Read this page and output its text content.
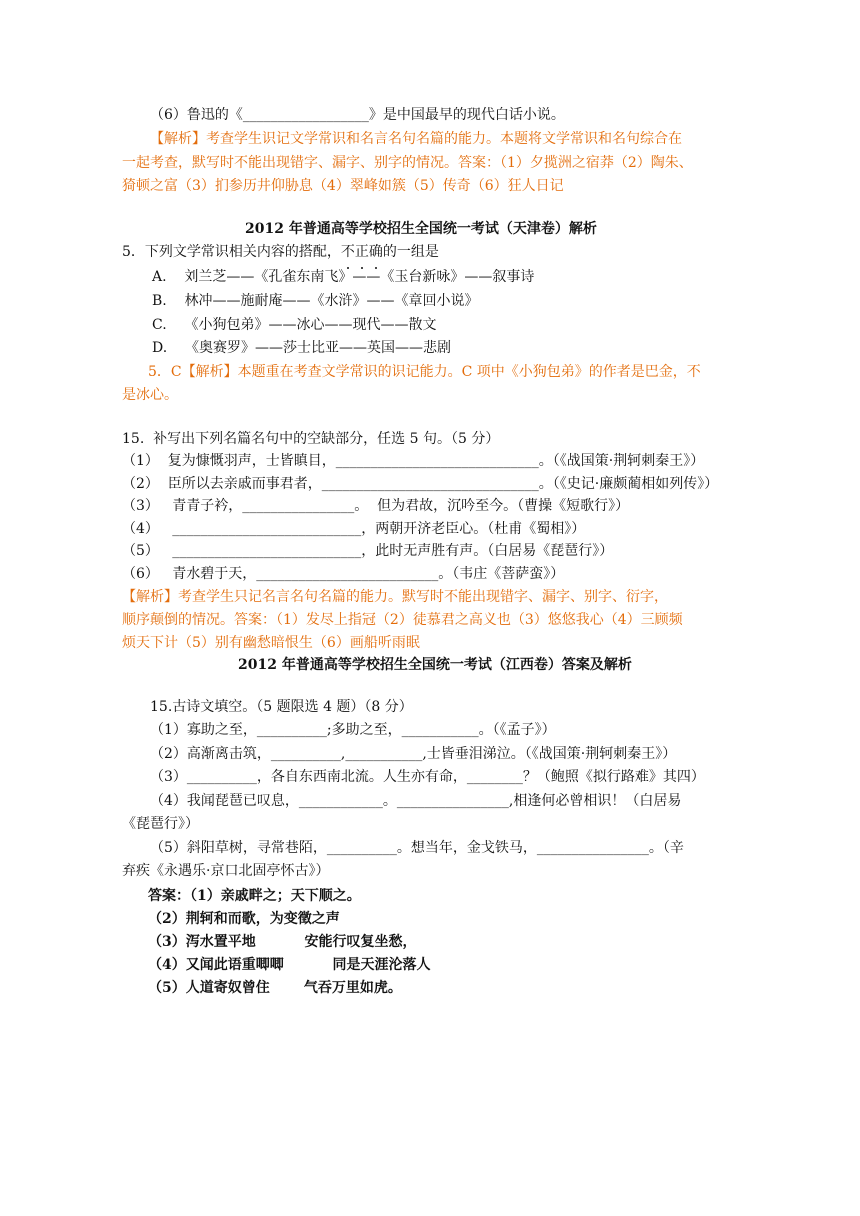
（6）鲁迅的《__________________》是中国最早的现代白话小说。
【解析】考查学生识记文学常识和名言名句名篇的能力。本题将文学常识和名句综合在
一起考查，默写时不能出现错字、漏字、别字的情况。答案：（1）夕揽洲之宿莽（2）陶朱、
猗顿之富（3）扪参历井仰胁息（4）翠峰如簇（5）传奇（6）狂人日记
2012 年普通高等学校招生全国统一考试（天津卷）解析
5．下列文学常识相关内容的搭配，不正确
的一组是
A.    刘兰芝——《孔雀东南飞》——《玉台新咏》——叙事诗
B.    林冲——施耐庵——《水浒》——《章回小说》
C.    《小狗包弟》——冰心——现代——散文
D.    《奥赛罗》——莎士比亚——英国——悲剧
5．C【解析】本题重在考查文学常识的识记能力。C 项中《小狗包弟》的作者是巴金，不
是冰心。
15.  补写出下列名篇名句中的空缺部分，任选 5 句。（5 分）
（1）  复为慷慨羽声，士皆瞋目，_____________________________。（《战国策·荆轲刺秦王》）
（2）  臣所以去亲戚而事君者，_______________________________。（《史记·廉颇蔺相如列传》）
（3）   青青子衿，________________。  但为君故，沉吟至今。（曹操《短歌行》）
（4）   ___________________________，两朝开济老臣心。（杜甫《蜀相》）
（5）   ___________________________，此时无声胜有声。（白居易《琵琶行》）
（6）   青水碧于天，__________________________。（韦庄《菩萨蛮》）
【解析】考查学生只记名言名句名篇的能力。默写时不能出现错字、漏字、别字、衍字，
顺序颠倒的情况。答案：（1）发尽上指冠（2）徒慕君之高义也（3）悠悠我心（4）三顾频
烦天下计（5）别有幽愁暗恨生（6）画船听雨眠
2012 年普通高等学校招生全国统一考试（江西卷）答案及解析
15.古诗文填空。（5 题限选 4 题）（8 分）
（1）寡助之至，__________;多助之至，___________。（《孟子》）
（2）高渐离击筑，__________,___________,士皆垂泪涕泣。（《战国策·荆轲刺秦王》）
（3）__________，各自东西南北流。人生亦有命，________？（鲍照《拟行路难》其四）
（4）我闻琵琶已叹息，____________。________________,相逢何必曾相识！（白居易
《琵琶行》）
（5）斜阳草树，寻常巷陌，__________。想当年，金戈铁马，________________。（辛
弃疾《永遇乐·京口北固亭怀古》）
答案：（1）亲戚畔之；天下顺之。
（2）荆轲和而歌，为变徵之声
（3）泻水置平地          安能行叹复坐愁，
（4）又闻此语重唧唧          同是天涯沦落人
（5）人道寄奴曾住       气吞万里如虎。
